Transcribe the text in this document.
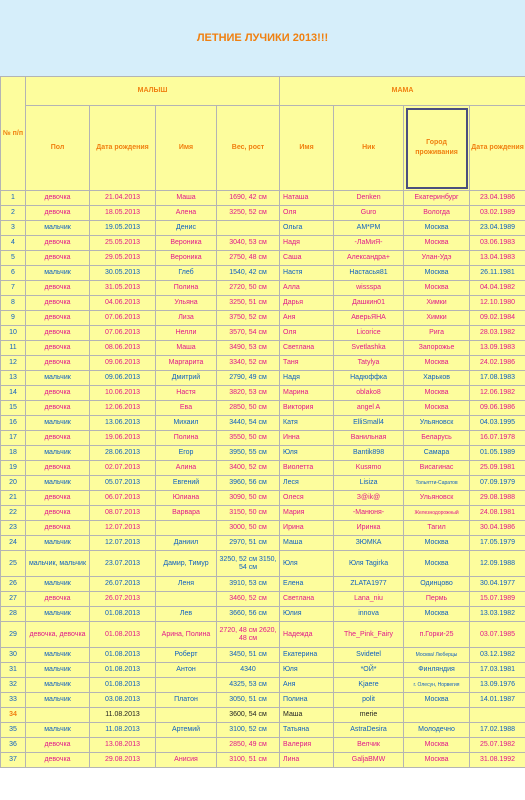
ЛЕТНИЕ ЛУЧИКИ 2013!!!
№ п/п	МАЛЫШ				МАМА			
	Пол	Дата рождения	Имя	Вес, рост	Имя	Ник	Город проживания	Дата рождения
1	девочка	21.04.2013	Маша	1690, 42 см	Наташа	Denken	Екатеринбург	23.04.1986
2	девочка	18.05.2013	Алена	3250, 52 см	Оля	Guro	Вологда	03.02.1989
3	мальчик	19.05.2013	Денис		Ольга	AM*PM	Москва	23.04.1989
4	девочка	25.05.2013	Вероника	3040, 53 см	Надя	-ЛаМиЯ-	Москва	03.06.1983
5	девочка	29.05.2013	Вероника	2750, 48 см	Саша	Александра+	Улан-Удэ	13.04.1983
6	мальчик	30.05.2013	Глеб	1540, 42 см	Настя	Настасья81	Москва	26.11.1981
7	девочка	31.05.2013	Полина	2720, 50 см	Алла	wisssрa	Москва	04.04.1982
8	девочка	04.06.2013	Ульяна	3250, 51 см	Дарья	Дашкин01	Химки	12.10.1980
9	девочка	07.06.2013	Лиза	3750, 52 см	Аня	АверьЯНА	Химки	09.02.1984
10	девочка	07.06.2013	Нелли	3570, 54 см	Оля	Licorice	Рига	28.03.1982
11	девочка	08.06.2013	Маша	3490, 53 см	Светлана	Svetlashka	Запорожье	13.09.1983
12	девочка	09.06.2013	Маргарита	3340, 52 см	Таня	Tatylya	Москва	24.02.1986
13	мальчик	09.06.2013	Дмитрий	2790, 49 см	Надя	Надюффка	Харьков	17.08.1983
14	девочка	10.06.2013	Настя	3820, 53 см	Марина	oblako8	Москва	12.06.1982
15	девочка	12.06.2013	Ева	2850, 50 см	Виктория	angel A	Москва	09.06.1986
16	мальчик	13.06.2013	Михаил	3440, 54 см	Катя	ElliSmall4	Ульяновск	04.03.1995
17	девочка	19.06.2013	Полина	3550, 50 см	Инна	Ванильная	Беларусь	16.07.1978
18	мальчик	28.06.2013	Егор	3950, 55 см	Юля	Bantik898	Самара	01.05.1989
19	девочка	02.07.2013	Алина	3400, 52 см	Виолетта	Kusяmo	Висагинас	25.09.1981
20	мальчик	05.07.2013	Евгений	3960, 56 см	Леся	Lisiza	Тольятти-Саратов	07.09.1979
21	девочка	06.07.2013	Юлиана	3090, 50 см	Олеся	З@ik@	Ульяновск	29.08.1988
22	девочка	08.07.2013	Варвара	3150, 50 см	Мария	-Манюня-	Железнодорожный	24.08.1981
23	девочка	12.07.2013		3000, 50 см	Ирина	Иринка	Тагил	30.04.1986
24	мальчик	12.07.2013	Даниил	2970, 51 см	Маша	ЗЮМКА	Москва	17.05.1979
25	мальчик, мальчик	23.07.2013	Дамир, Тимур	3250, 52 см 3150, 54 см	Юля	Юля Tagirka	Москва	12.09.1988
26	мальчик	26.07.2013	Леня	3910, 53 см	Елена	ZLATA1977	Одинцово	30.04.1977
27	девочка	26.07.2013		3460, 52 см	Светлана	Lana_niu	Пермь	15.07.1989
28	мальчик	01.08.2013	Лев	3660, 56 см	Юлия	innova	Москва	13.03.1982
29	девочка, девочка	01.08.2013	Арина, Полина	2720, 48 см 2620, 48 см	Надежда	The_Pink_Fairy	п.Горки-25	03.07.1985
30	мальчик	01.08.2013	Роберт	3450, 51 см	Екатерина	Svidetel	Москва/ Люберцы	03.12.1982
31	мальчик	01.08.2013	Антон	4340	Юля	*ОЙ*	Финляндия	17.03.1981
32	мальчик	01.08.2013		4325, 53 см	Аня	Kjaere	г. Олесун, Норвегия	13.09.1976
33	мальчик	03.08.2013	Платон	3050, 51 см	Полина	polit	Москва	14.01.1987
34		11.08.2013		3600, 54 см	Маша	merie		
35	мальчик	11.08.2013	Артемий	3100, 52 см	Татьяна	AstraDesira	Молодечно	17.02.1988
36	девочка	13.08.2013		2850, 49 см	Валерия	Велчик	Москва	25.07.1982
37	девочка	29.08.2013	Анисия	3100, 51 см	Лина	GaljaBMW	Москва	31.08.1992
